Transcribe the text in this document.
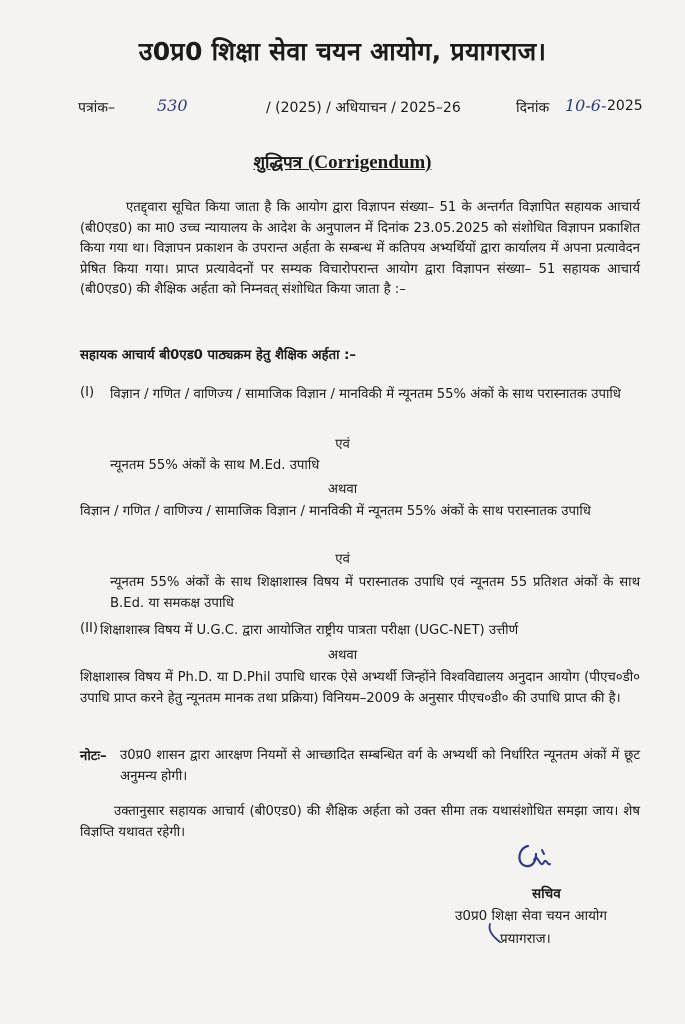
उ0प्र0 शिक्षा सेवा चयन आयोग, प्रयागराज।
पत्रांक–	530	/ (2025) / अधियाचन / 2025–26	दिनांक 10-6- 2025
शुद्धिपत्र (Corrigendum)
एतद्द्वारा सूचित किया जाता है कि आयोग द्वारा विज्ञापन संख्या– 51 के अन्तर्गत विज्ञापित सहायक आचार्य (बी0एड0) का मा0 उच्च न्यायालय के आदेश के अनुपालन में दिनांक 23.05.2025 को संशोधित विज्ञापन प्रकाशित किया गया था। विज्ञापन प्रकाशन के उपरान्त अर्हता के सम्बन्ध में कतिपय अभ्यर्थियों द्वारा कार्यालय में अपना प्रत्यावेदन प्रेषित किया गया। प्राप्त प्रत्यावेदनों पर सम्यक विचारोपरान्त आयोग द्वारा विज्ञापन संख्या– 51 सहायक आचार्य (बी0एड0) की शैक्षिक अर्हता को निम्नवत् संशोधित किया जाता है :–
सहायक आचार्य बी0एड0 पाठ्यक्रम हेतु शैक्षिक अर्हता :–
(I) विज्ञान / गणित / वाणिज्य / सामाजिक विज्ञान / मानविकी में न्यूनतम 55% अंकों के साथ परास्नातक उपाधि
एवं
न्यूनतम 55% अंकों के साथ M.Ed. उपाधि
अथवा
विज्ञान / गणित / वाणिज्य / सामाजिक विज्ञान / मानविकी में न्यूनतम 55% अंकों के साथ परास्नातक उपाधि
एवं
न्यूनतम 55% अंकों के साथ शिक्षाशास्त्र विषय में परास्नातक उपाधि एवं न्यूनतम 55 प्रतिशत अंकों के साथ B.Ed. या समकक्ष उपाधि
(II) शिक्षाशास्त्र विषय में U.G.C. द्वारा आयोजित राष्ट्रीय पात्रता परीक्षा (UGC-NET) उत्तीर्ण
अथवा
शिक्षाशास्त्र विषय में Ph.D. या D.Phil उपाधि धारक ऐसे अभ्यर्थी जिन्होंने विश्वविद्यालय अनुदान आयोग (पीएच०डी० उपाधि प्राप्त करने हेतु न्यूनतम मानक तथा प्रक्रिया) विनियम–2009 के अनुसार पीएच०डी० की उपाधि प्राप्त की है।
नोटः– उ0प्र0 शासन द्वारा आरक्षण नियमों से आच्छादित सम्बन्धित वर्ग के अभ्यर्थी को निर्धारित न्यूनतम अंकों में छूट अनुमन्य होगी।
उक्तानुसार सहायक आचार्य (बी0एड0) की शैक्षिक अर्हता को उक्त सीमा तक यथासंशोधित समझा जाय। शेष विज्ञप्ति यथावत रहेगी।
सचिव
उ0प्र0 शिक्षा सेवा चयन आयोग
प्रयागराज।
